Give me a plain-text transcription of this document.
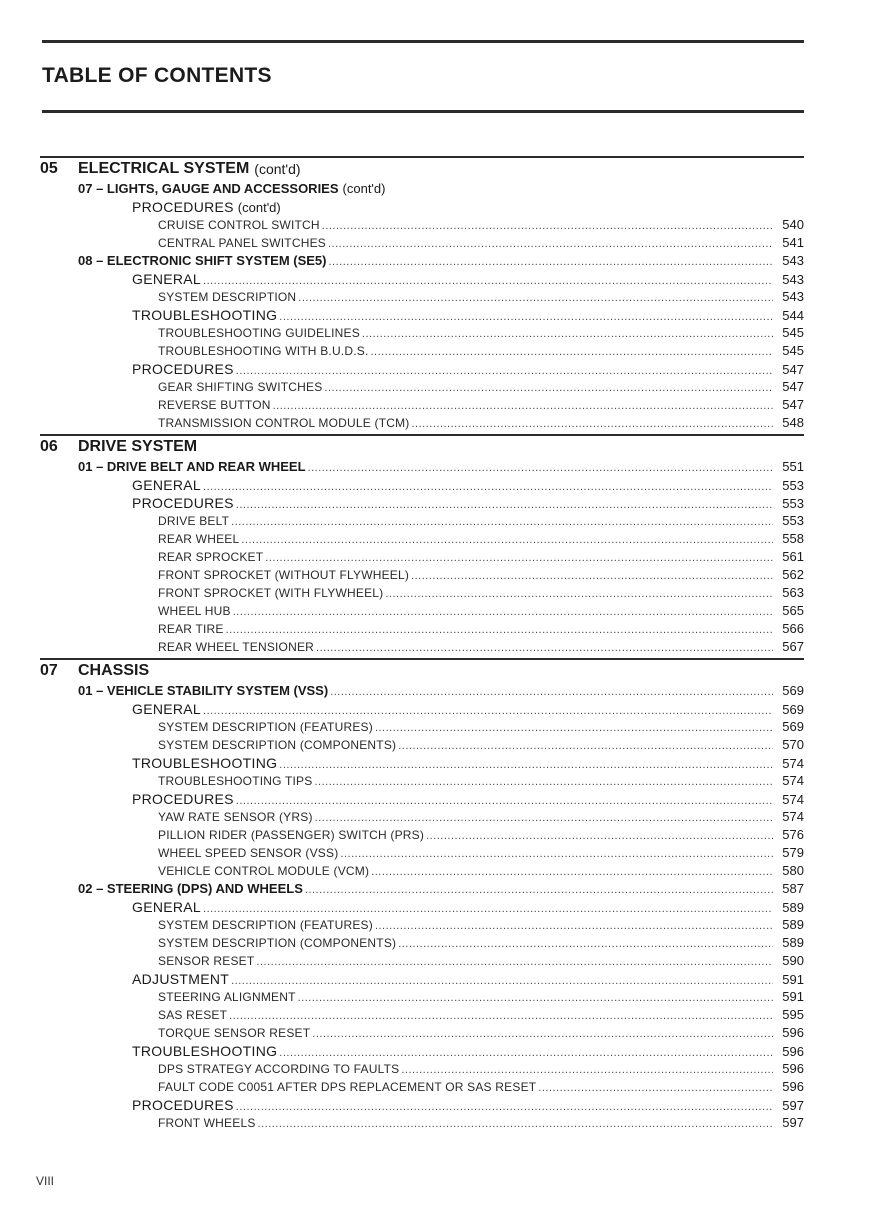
TABLE OF CONTENTS
05	ELECTRICAL SYSTEM (cont'd)
07 – LIGHTS, GAUGE AND ACCESSORIES (cont'd)
PROCEDURES (cont'd)
CRUISE CONTROL SWITCH .....	540
CENTRAL PANEL SWITCHES .....	541
08 – ELECTRONIC SHIFT SYSTEM (SE5) .....	543
GENERAL .....	543
SYSTEM DESCRIPTION .....	543
TROUBLESHOOTING .....	544
TROUBLESHOOTING GUIDELINES .....	545
TROUBLESHOOTING WITH B.U.D.S. .....	545
PROCEDURES .....	547
GEAR SHIFTING SWITCHES .....	547
REVERSE BUTTON .....	547
TRANSMISSION CONTROL MODULE (TCM) .....	548
06	DRIVE SYSTEM
01 – DRIVE BELT AND REAR WHEEL .....	551
GENERAL .....	553
PROCEDURES .....	553
DRIVE BELT .....	553
REAR WHEEL .....	558
REAR SPROCKET .....	561
FRONT SPROCKET (WITHOUT FLYWHEEL) .....	562
FRONT SPROCKET (WITH FLYWHEEL) .....	563
WHEEL HUB .....	565
REAR TIRE .....	566
REAR WHEEL TENSIONER .....	567
07	CHASSIS
01 – VEHICLE STABILITY SYSTEM (VSS) .....	569
GENERAL .....	569
SYSTEM DESCRIPTION (FEATURES) .....	569
SYSTEM DESCRIPTION (COMPONENTS) .....	570
TROUBLESHOOTING .....	574
TROUBLESHOOTING TIPS .....	574
PROCEDURES .....	574
YAW RATE SENSOR (YRS) .....	574
PILLION RIDER (PASSENGER) SWITCH (PRS) .....	576
WHEEL SPEED SENSOR (VSS) .....	579
VEHICLE CONTROL MODULE (VCM) .....	580
02 – STEERING (DPS) AND WHEELS .....	587
GENERAL .....	589
SYSTEM DESCRIPTION (FEATURES) .....	589
SYSTEM DESCRIPTION (COMPONENTS) .....	589
SENSOR RESET .....	590
ADJUSTMENT .....	591
STEERING ALIGNMENT .....	591
SAS RESET .....	595
TORQUE SENSOR RESET .....	596
TROUBLESHOOTING .....	596
DPS STRATEGY ACCORDING TO FAULTS .....	596
FAULT CODE C0051 AFTER DPS REPLACEMENT OR SAS RESET .....	596
PROCEDURES .....	597
FRONT WHEELS .....	597
VIII
